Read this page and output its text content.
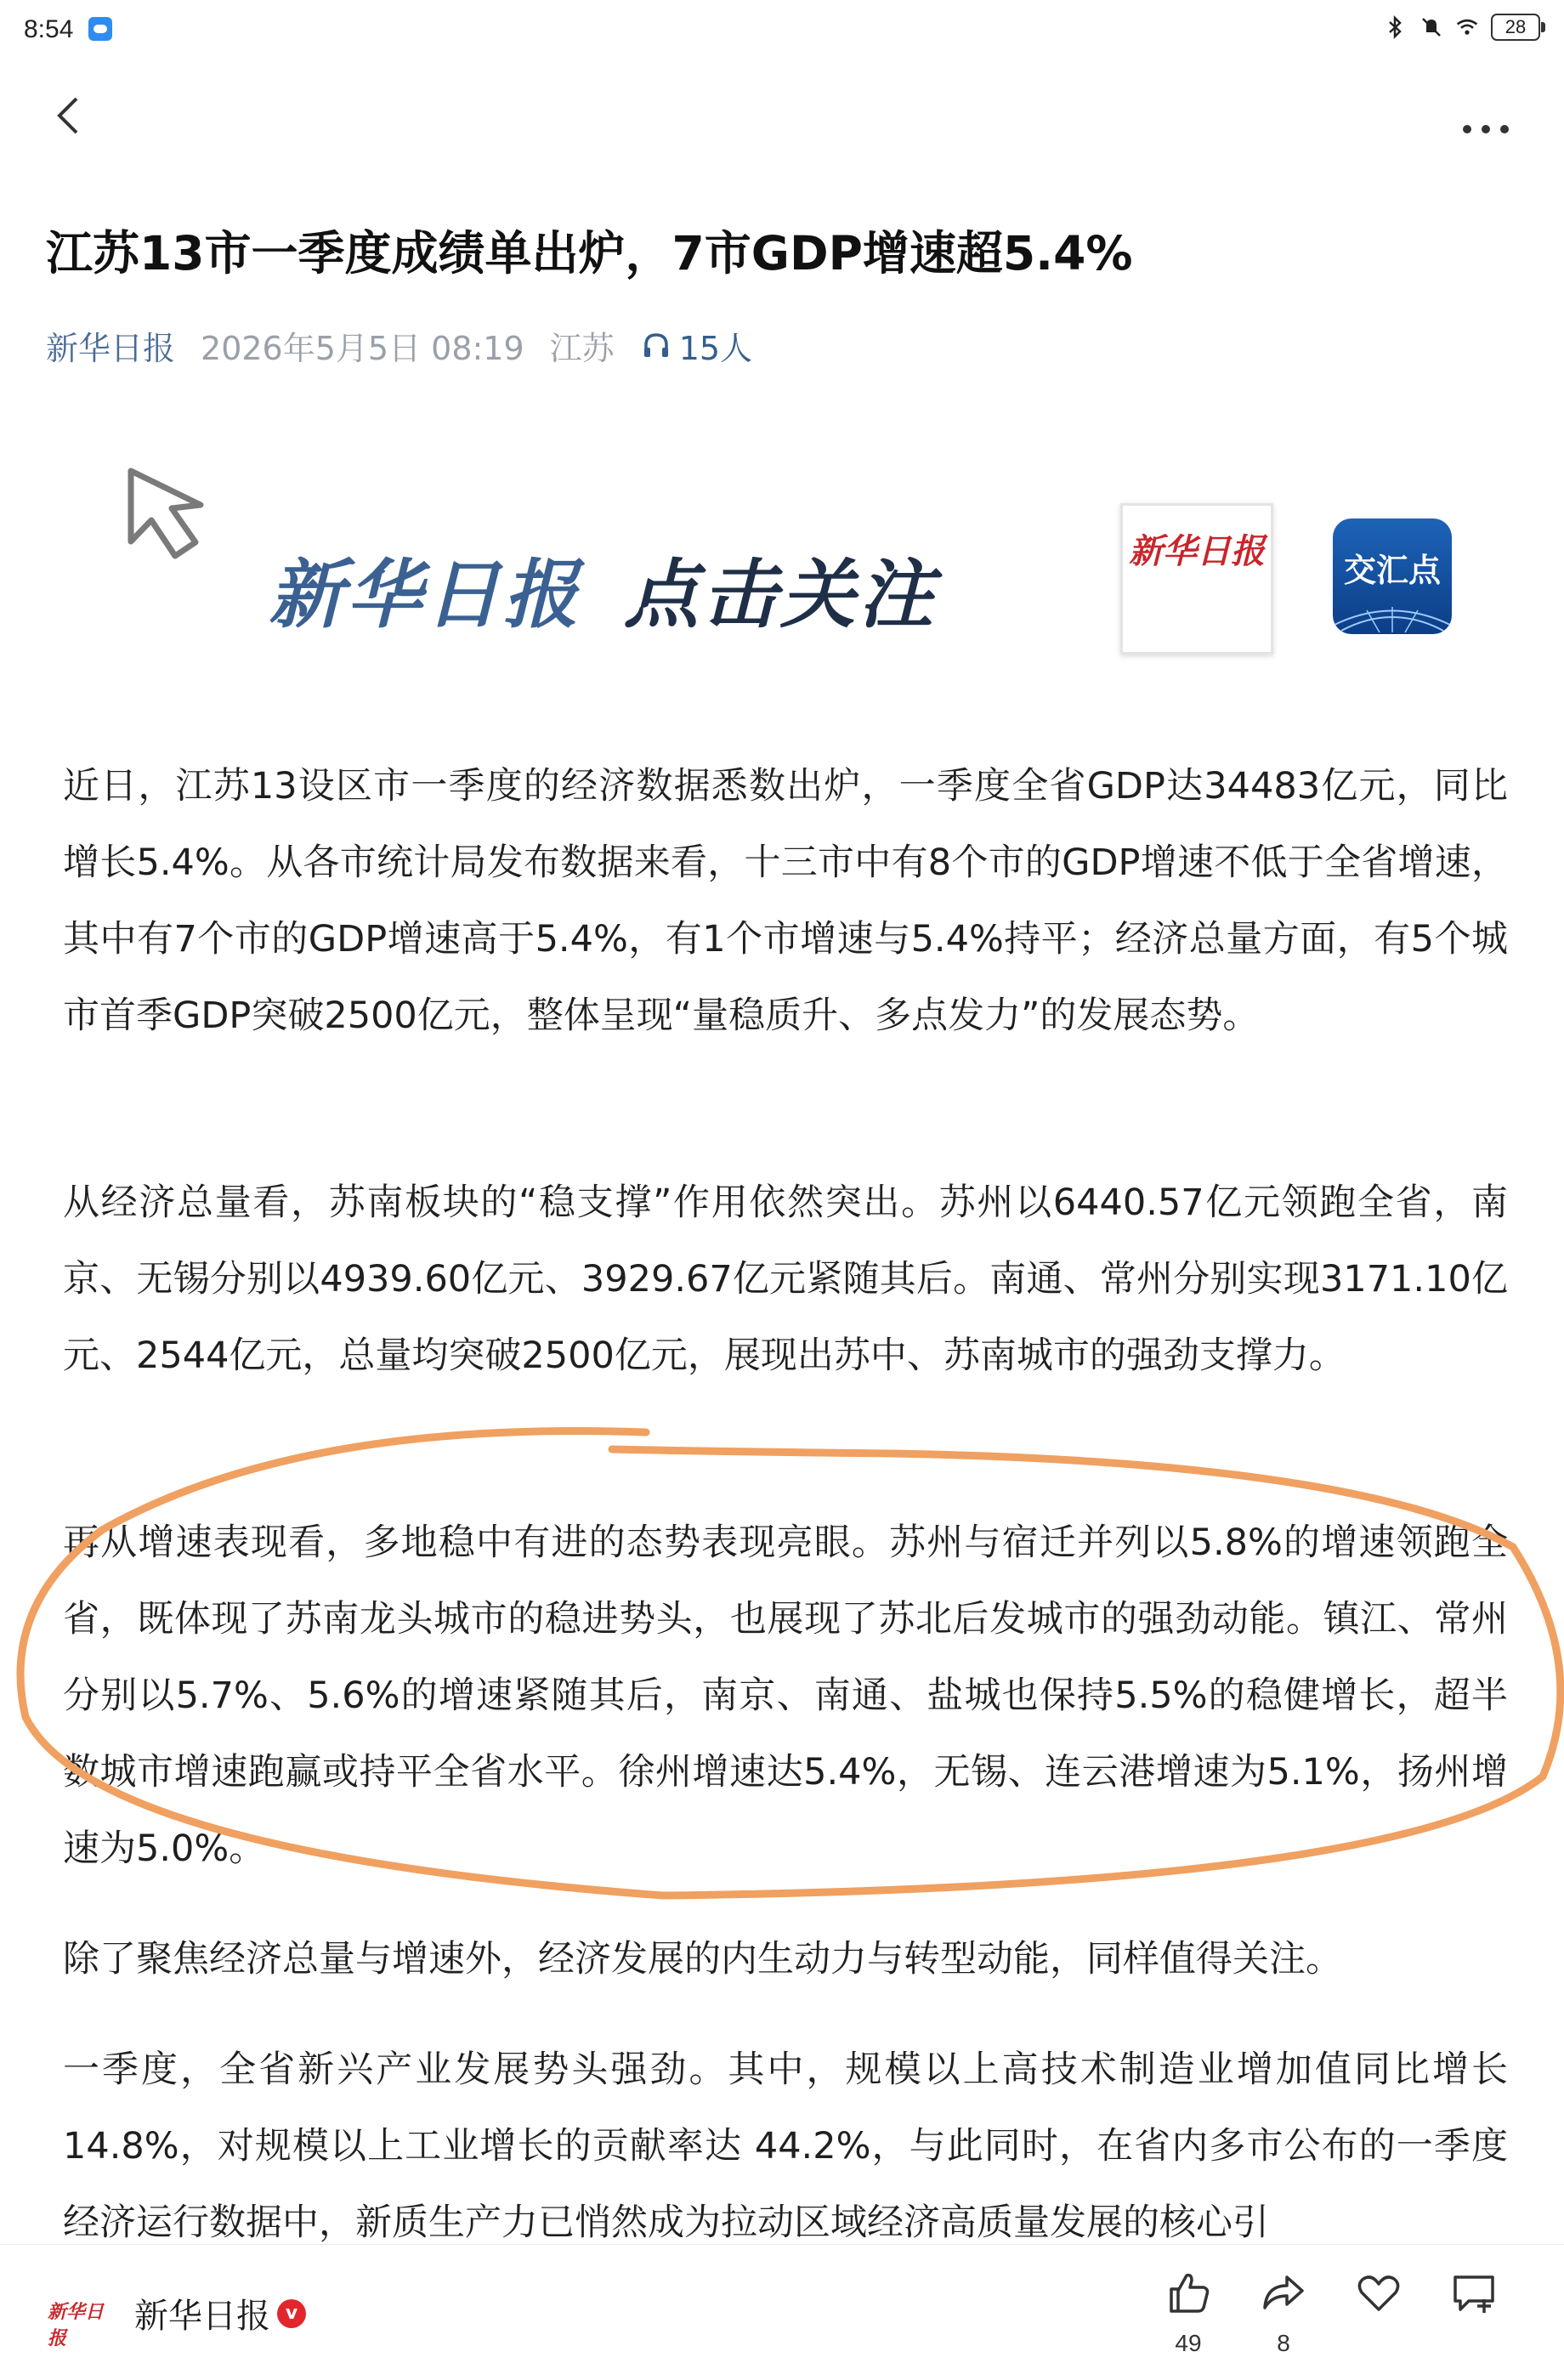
8:54	28
江苏13市一季度成绩单出炉，7市GDP增速超5.4%
新华日报 2026年5月5日 08:19 江苏 15人
新华日报 点击关注	新华日报	交汇点

近日，江苏13设区市一季度的经济数据悉数出炉，一季度全省GDP达34483亿元，同比增长5.4%。从各市统计局发布数据来看，十三市中有8个市的GDP增速不低于全省增速，其中有7个市的GDP增速高于5.4%，有1个市增速与5.4%持平；经济总量方面，有5个城市首季GDP突破2500亿元，整体呈现“量稳质升、多点发力”的发展态势。

从经济总量看，苏南板块的“稳支撑”作用依然突出。苏州以6440.57亿元领跑全省，南京、无锡分别以4939.60亿元、3929.67亿元紧随其后。南通、常州分别实现3171.10亿元、2544亿元，总量均突破2500亿元，展现出苏中、苏南城市的强劲支撑力。

再从增速表现看，多地稳中有进的态势表现亮眼。苏州与宿迁并列以5.8%的增速领跑全省，既体现了苏南龙头城市的稳进势头，也展现了苏北后发城市的强劲动能。镇江、常州分别以5.7%、5.6%的增速紧随其后，南京、南通、盐城也保持5.5%的稳健增长，超半数城市增速跑赢或持平全省水平。徐州增速达5.4%，无锡、连云港增速为5.1%，扬州增速为5.0%。

除了聚焦经济总量与增速外，经济发展的内生动力与转型动能，同样值得关注。

一季度，全省新兴产业发展势头强劲。其中，规模以上高技术制造业增加值同比增长 14.8%，对规模以上工业增长的贡献率达 44.2%，与此同时，在省内多市公布的一季度经济运行数据中，新质生产力已悄然成为拉动区域经济高质量发展的核心引

新华日报
新华日报 v
49	8
